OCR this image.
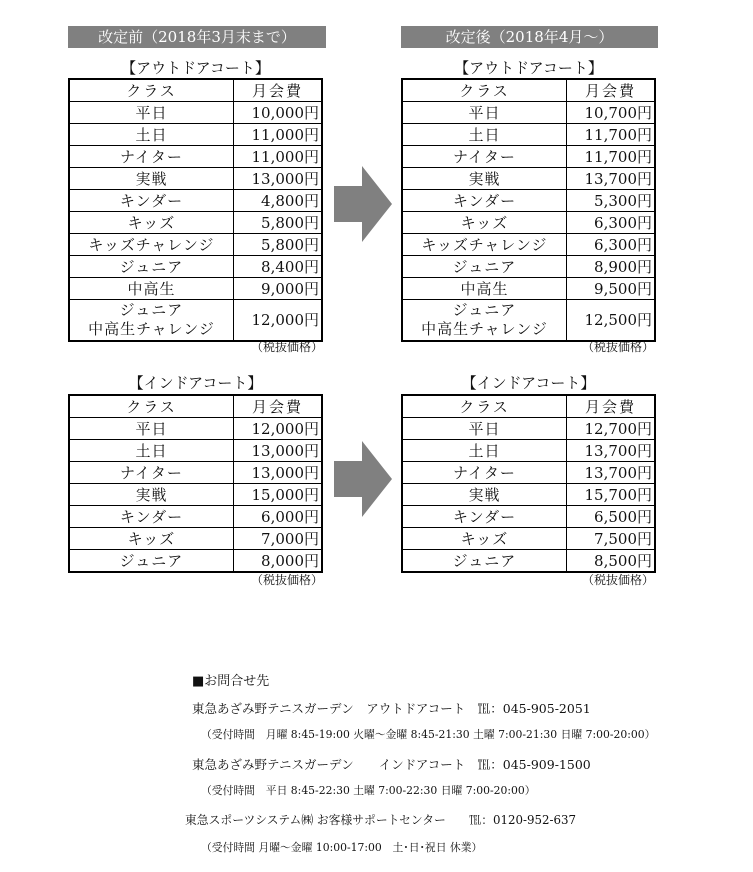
改定前（2018年3月末まで）	改定後（2018年4月～）
【アウトドアコート】	【アウトドアコート】
【インドアコート】	【インドアコート】
クラス	月会費
平日	10,000円
土日	11,000円
ナイター	11,000円
実戦	13,000円
キンダー	4,800円
キッズ	5,800円
キッズチャレンジ	5,800円
ジュニア	8,400円
中高生	9,000円

ジュニア
中高生チャレンジ	12,000円
クラス	月会費
平日	10,700円
土日	11,700円
ナイター	11,700円
実戦	13,700円
キンダー	5,300円
キッズ	6,300円
キッズチャレンジ	6,300円
ジュニア	8,900円
中高生	9,500円

ジュニア
中高生チャレンジ	12,500円
クラス	月会費
平日	12,000円
土日	13,000円
ナイター	13,000円
実戦	15,000円
キンダー	6,000円
キッズ	7,000円
ジュニア	8,000円
クラス	月会費
平日	12,700円
土日	13,700円
ナイター	13,700円
実戦	15,700円
キンダー	6,500円
キッズ	7,500円
ジュニア	8,500円
（税抜価格）	（税抜価格）
（税抜価格）	（税抜価格）
■お問合せ先
東急あざみ野テニスガーデン　アウトドアコート　℡：045-905-2051
（受付時間　月曜 8:45-19:00 火曜～金曜 8:45-21:30 土曜 7:00-21:30 日曜 7:00-20:00）
東急あざみ野テニスガーデン　　インドアコート　℡：045-909-1500
（受付時間　平日 8:45-22:30 土曜 7:00-22:30 日曜 7:00-20:00）
東急スポーツシステム㈱ お客様サポートセンター　　℡：0120-952-637
（受付時間 月曜～金曜 10:00-17:00　土･日･祝日 休業）
